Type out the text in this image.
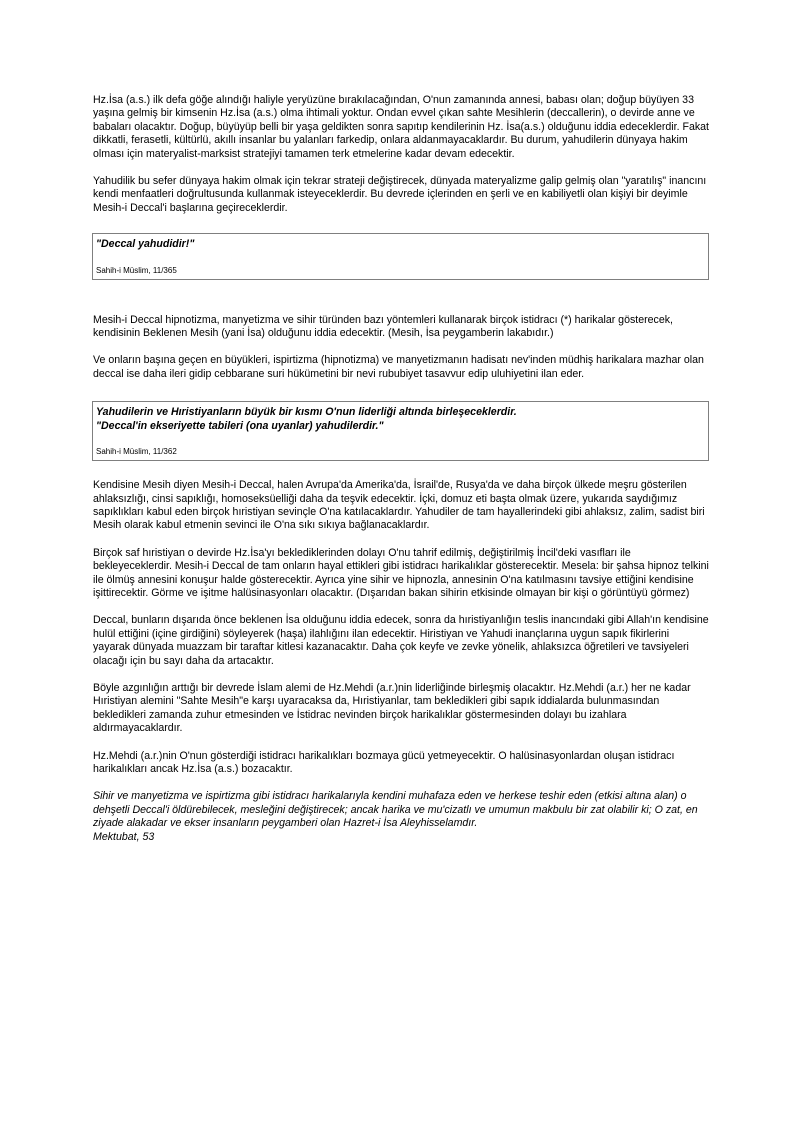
Hz.İsa (a.s.) ilk defa göğe alındığı haliyle yeryüzüne bırakılacağından, O'nun zamanında annesi, babası olan; doğup büyüyen 33 yaşına gelmiş bir kimsenin Hz.İsa (a.s.) olma ihtimali yoktur. Ondan evvel çıkan sahte Mesihlerin (deccallerin), o devirde anne ve babaları olacaktır. Doğup, büyüyüp belli bir yaşa geldikten sonra sapıtıp kendilerinin Hz. İsa(a.s.) olduğunu iddia edeceklerdir. Fakat dikkatli, ferasetli, kültürlü, akıllı insanlar bu yalanları farkedip, onlara aldanmayacaklardır. Bu durum, yahudilerin dünyaya hakim olması için materyalist-marksist stratejiyi tamamen terk etmelerine kadar devam edecektir.

Yahudilik bu sefer dünyaya hakim olmak için tekrar strateji değiştirecek, dünyada materyalizme galip gelmiş olan "yaratılış" inancını kendi menfaatleri doğrultusunda kullanmak isteyeceklerdir. Bu devrede içlerinden en şerli ve en kabiliyetli olan kişiyi bir deyimle Mesih-i Deccal'i başlarına geçireceklerdir.

"Deccal yahudidir!"
Sahih-i Müslim, 11/365

Mesih-i Deccal hipnotizma, manyetizma ve sihir türünden bazı yöntemleri kullanarak birçok istidracı (*) harikalar gösterecek, kendisinin Beklenen Mesih (yani İsa) olduğunu iddia edecektir. (Mesih, İsa peygamberin lakabıdır.)

Ve onların başına geçen en büyükleri, ispirtizma (hipnotizma) ve manyetizmanın hadisatı nev'inden müdhiş harikalara mazhar olan deccal ise daha ileri gidip cebbarane suri hükümetini bir nevi rububiyet tasavvur edip uluhiyetini ilan eder.

Yahudilerin ve Hıristiyanların büyük bir kısmı O'nun liderliği altında birleşeceklerdir.
"Deccal'in ekseriyette tabileri (ona uyanlar) yahudilerdir."
Sahih-i Müslim, 11/362

Kendisine Mesih diyen Mesih-i Deccal, halen Avrupa'da Amerika'da, İsrail'de, Rusya'da ve daha birçok ülkede meşru gösterilen ahlaksızlığı, cinsi sapıklığı, homoseksüelliği daha da teşvik edecektir. İçki, domuz eti başta olmak üzere, yukarıda saydığımız sapıklıkları kabul eden birçok hıristiyan sevinçle O'na katılacaklardır. Yahudiler de tam hayallerindeki gibi ahlaksız, zalim, sadist biri Mesih olarak kabul etmenin sevinci ile O'na sıkı sıkıya bağlanacaklardır.

Birçok saf hıristiyan o devirde Hz.İsa'yı beklediklerinden dolayı O'nu tahrif edilmiş, değiştirilmiş İncil'deki vasıfları ile bekleyeceklerdir. Mesih-i Deccal de tam onların hayal ettikleri gibi istidracı harikalıklar gösterecektir. Mesela: bir şahsa hipnoz telkini ile ölmüş annesini konuşur halde gösterecektir. Ayrıca yine sihir ve hipnozla, annesinin O'na katılmasını tavsiye ettiğini kendisine işittirecektir. Görme ve işitme halüsinasyonları olacaktır. (Dışarıdan bakan sihirin etkisinde olmayan bir kişi o görüntüyü görmez)

Deccal, bunların dışarıda önce beklenen İsa olduğunu iddia edecek, sonra da hıristiyanlığın teslis inancındaki gibi Allah'ın kendisine hulül ettiğini (içine girdiğini) söyleyerek (haşa) ilahlığını ilan edecektir. Hiristiyan ve Yahudi inançlarına uygun sapık fikirlerini yayarak dünyada muazzam bir taraftar kitlesi kazanacaktır. Daha çok keyfe ve zevke yönelik, ahlaksızca öğretileri ve tavsiyeleri olacağı için bu sayı daha da artacaktır.

Böyle azgınlığın arttığı bir devrede İslam alemi de Hz.Mehdi (a.r.)nin liderliğinde birleşmiş olacaktır. Hz.Mehdi (a.r.) her ne kadar Hıristiyan alemini "Sahte Mesih"e karşı uyaracaksa da, Hıristiyanlar, tam bekledikleri gibi sapık iddialarda bulunmasından bekledikleri zamanda zuhur etmesinden ve İstidrac nevinden birçok harikalıklar göstermesinden dolayı bu izahlara aldırmayacaklardır.

Hz.Mehdi (a.r.)nin O'nun gösterdiği istidracı harikalıkları bozmaya gücü yetmeyecektir. O halüsinasyonlardan oluşan istidracı harikalıkları ancak Hz.İsa (a.s.) bozacaktır.

Sihir ve manyetizma ve ispirtizma gibi istidracı harikalarıyla kendini muhafaza eden ve herkese teshir eden (etkisi altına alan) o dehşetli Deccal'i öldürebilecek, mesleğini değiştirecek; ancak harika ve mu'cizatlı ve umumun makbulu bir zat olabilir ki; O zat, en ziyade alakadar ve ekser insanların peygamberi olan Hazret-i İsa Aleyhisselamdır.

Mektubat, 53
